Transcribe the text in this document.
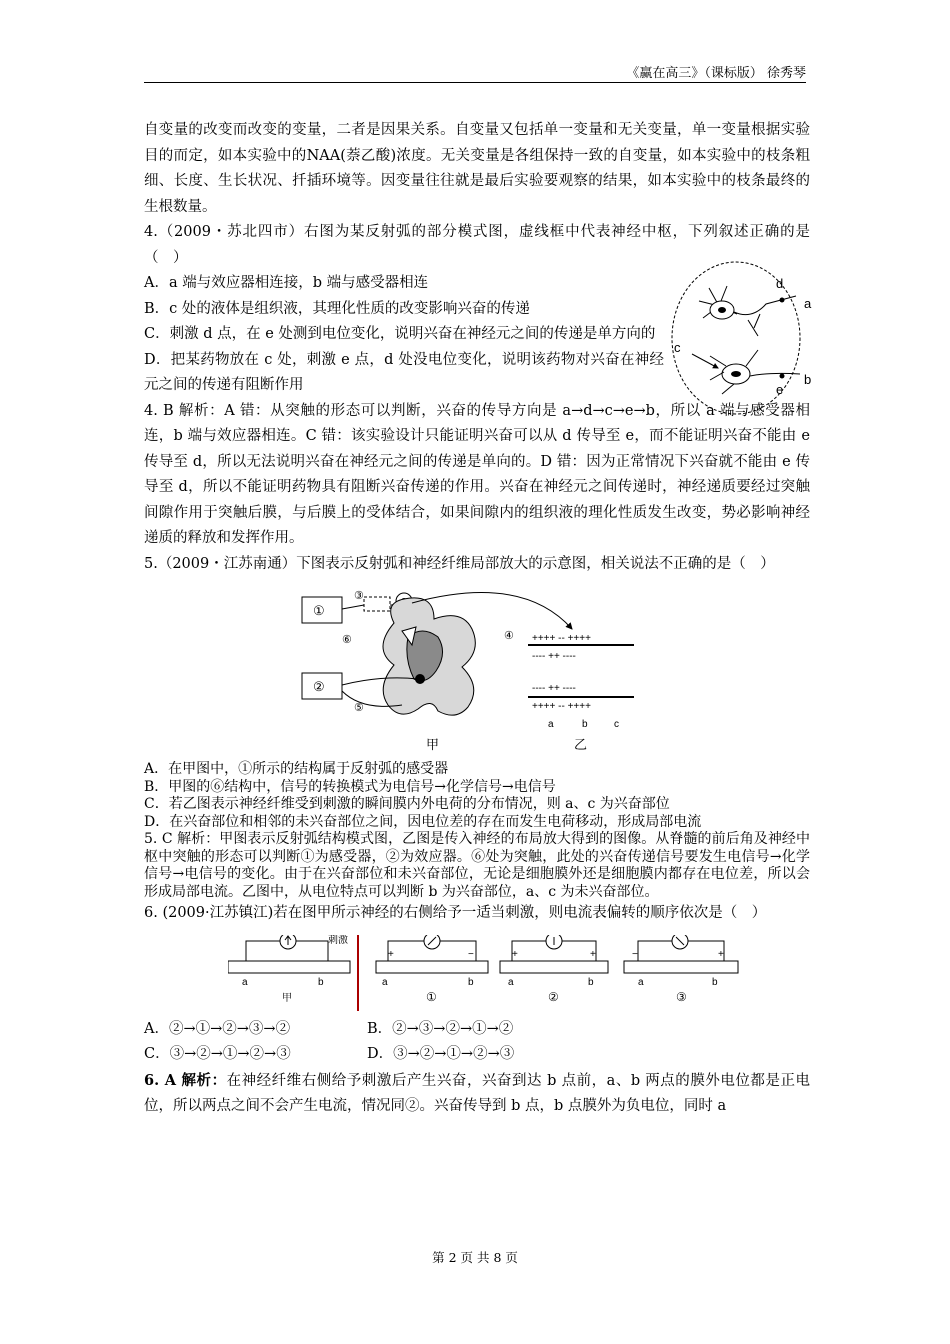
《赢在高三》（课标版） 徐秀琴

自变量的改变而改变的变量，二者是因果关系。自变量又包括单一变量和无关变量，单一变量根据实验目的而定，如本实验中的NAA(萘乙酸)浓度。无关变量是各组保持一致的自变量，如本实验中的枝条粗细、长度、生长状况、扦插环境等。因变量往往就是最后实验要观察的结果，如本实验中的枝条最终的生根数量。

4.（2009・苏北四市）右图为某反射弧的部分模式图，虚线框中代表神经中枢，下列叙述正确的是（　）

A．a 端与效应器相连接，b 端与感受器相连

B．c 处的液体是组织液，其理化性质的改变影响兴奋的传递

C．刺激 d 点，在 e 处测到电位变化，说明兴奋在神经元之间的传递是单方向的

D．把某药物放在 c 处，刺激 e 点，d 处没电位变化，说明该药物对兴奋在神经元之间的传递有阻断作用

d
a
c
e
b

4. B 解析：A 错：从突触的形态可以判断，兴奋的传导方向是 a→d→c→e→b，所以 a 端与感受器相连，b 端与效应器相连。C 错：该实验设计只能证明兴奋可以从 d 传导至 e，而不能证明兴奋不能由 e 传导至 d，所以无法说明兴奋在神经元之间的传递是单向的。D 错：因为正常情况下兴奋就不能由 e 传导至 d，所以不能证明药物具有阻断兴奋传递的作用。兴奋在神经元之间传递时，神经递质要经过突触间隙作用于突触后膜，与后膜上的受体结合，如果间隙内的组织液的理化性质发生改变，势必影响神经递质的释放和发挥作用。

5.（2009・江苏南通）下图表示反射弧和神经纤维局部放大的示意图，相关说法不正确的是（　）

①
②
③
⑥	④
⑤
++++ -- ++++
---- ++ ----
---- ++ ----
++++ -- ++++
a	b	c
甲	乙

A．在甲图中，①所示的结构属于反射弧的感受器

B．甲图的⑥结构中，信号的转换模式为电信号→化学信号→电信号

C．若乙图表示神经纤维受到刺激的瞬间膜内外电荷的分布情况，则 a、c 为兴奋部位

D．在兴奋部位和相邻的未兴奋部位之间，因电位差的存在而发生电荷移动，形成局部电流

5. C 解析：甲图表示反射弧结构模式图，乙图是传入神经的布局放大得到的图像。从脊髓的前后角及神经中枢中突触的形态可以判断①为感受器，②为效应器。⑥处为突触，此处的兴奋传递信号要发生电信号→化学信号→电信号的变化。由于在兴奋部位和未兴奋部位，无论是细胞膜外还是细胞膜内都存在电位差，所以会形成局部电流。乙图中，从电位特点可以判断 b 为兴奋部位，a、c 为未兴奋部位。

6. (2009·江苏镇江)若在图甲所示神经的右侧给予一适当刺激，则电流表偏转的顺序依次是（　）

刺激
a	b
甲
+	−
a	b
①
+	+
a	b
②
−	+
a	b
③
A．②→①→②→③→②	B．②→③→②→①→②
C．③→②→①→②→③	D．③→②→①→②→③

6. A 解析：在神经纤维右侧给予刺激后产生兴奋，兴奋到达 b 点前，a、b 两点的膜外电位都是正电位，所以两点之间不会产生电流，情况同②。兴奋传导到 b 点，b 点膜外为负电位，同时 a

第 2 页 共 8 页
